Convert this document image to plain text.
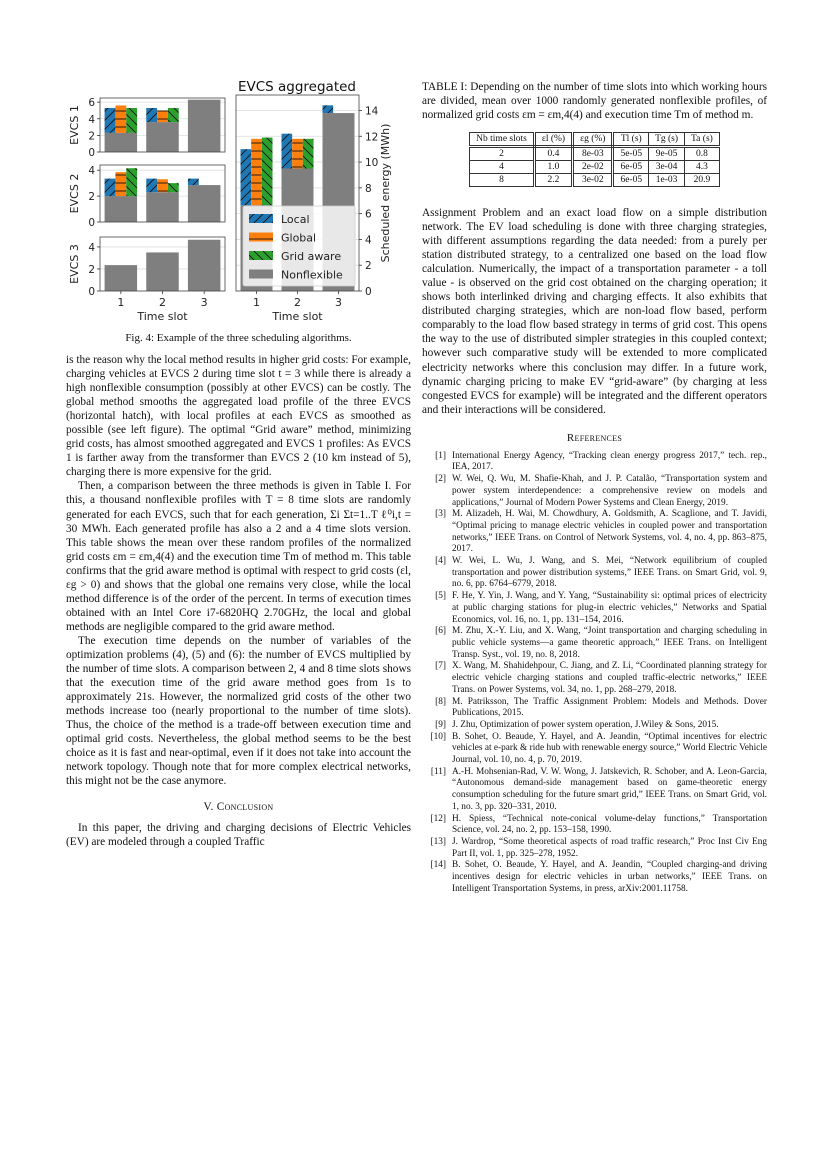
0
2
4
6
EVCS 1
0
2
4
EVCS 2
0
2
4
EVCS 3
1	2	3
Time slot
0
2
4
6
8
10
12
14
Scheduled energy (MWh)
1	2	3
Time slot
EVCS aggregated
Local
Global
Grid aware
Nonflexible
Fig. 4: Example of the three scheduling algorithms.

is the reason why the local method results in higher grid costs: For example, charging vehicles at EVCS 2 during time slot t = 3 while there is already a high nonflexible consumption (possibly at other EVCS) can be costly. The global method smooths the aggregated load profile of the three EVCS (horizontal hatch), with local profiles at each EVCS as smoothed as possible (see left figure). The optimal “Grid aware” method, minimizing grid costs, has almost smoothed aggregated and EVCS 1 profiles: As EVCS 1 is farther away from the transformer than EVCS 2 (10 km instead of 5), charging there is more expensive for the grid.

Then, a comparison between the three methods is given in Table I. For this, a thousand nonflexible profiles with T = 8 time slots are randomly generated for each EVCS, such that for each generation, Σi Σt=1..T ℓ⁰i,t = 30 MWh. Each generated profile has also a 2 and a 4 time slots version. This table shows the mean over these random profiles of the normalized grid costs εm = εm,4(4) and the execution time Tm of method m. This table confirms that the grid aware method is optimal with respect to grid costs (εl, εg > 0) and shows that the global one remains very close, while the local method difference is of the order of the percent. In terms of execution times obtained with an Intel Core i7-6820HQ 2.70GHz, the local and global methods are negligible compared to the grid aware method.

The execution time depends on the number of variables of the optimization problems (4), (5) and (6): the number of EVCS multiplied by the number of time slots. A comparison between 2, 4 and 8 time slots shows that the execution time of the grid aware method goes from 1s to approximately 21s. However, the normalized grid costs of the other two methods increase too (nearly proportional to the number of time slots). Thus, the choice of the method is a trade-off between execution time and optimal grid costs. Nevertheless, the global method seems to be the best choice as it is fast and near-optimal, even if it does not take into account the network topology. Though note that for more complex electrical networks, this might not be the case anymore.

V. Conclusion

In this paper, the driving and charging decisions of Electric Vehicles (EV) are modeled through a coupled Traffic

TABLE I: Depending on the number of time slots into which working hours are divided, mean over 1000 randomly generated nonflexible profiles, of normalized grid costs εm = εm,4(4) and execution time Tm of method m.

Nb time slots	εl (%)	εg (%)	Tl (s)	Tg (s)	Ta (s)
2	0.4	8e-03	5e-05	9e-05	0.8
4	1.0	2e-02	6e-05	3e-04	4.3
8	2.2	3e-02	6e-05	1e-03	20.9

Assignment Problem and an exact load flow on a simple distribution network. The EV load scheduling is done with three charging strategies, with different assumptions regarding the data needed: from a purely per station distributed strategy, to a centralized one based on the load flow calculation. Numerically, the impact of a transportation parameter - a toll value - is observed on the grid cost obtained on the charging operation; it shows both interlinked driving and charging effects. It also exhibits that distributed charging strategies, which are non-load flow based, perform comparably to the load flow based strategy in terms of grid cost. This opens the way to the use of distributed simpler strategies in this coupled context; however such comparative study will be extended to more complicated electricity networks where this conclusion may differ. In a future work, dynamic charging pricing to make EV “grid-aware” (by charging at less congested EVCS for example) will be integrated and the different operators and their interactions will be considered.

References
[1] International Energy Agency, “Tracking clean energy progress 2017,” tech. rep., IEA, 2017.
[2] W. Wei, Q. Wu, M. Shafie-Khah, and J. P. Catalão, “Transportation system and power system interdependence: a comprehensive review on models and applications,” Journal of Modern Power Systems and Clean Energy, 2019.
[3] M. Alizadeh, H. Wai, M. Chowdhury, A. Goldsmith, A. Scaglione, and T. Javidi, “Optimal pricing to manage electric vehicles in coupled power and transportation networks,” IEEE Trans. on Control of Network Systems, vol. 4, no. 4, pp. 863–875, 2017.
[4] W. Wei, L. Wu, J. Wang, and S. Mei, “Network equilibrium of coupled transportation and power distribution systems,” IEEE Trans. on Smart Grid, vol. 9, no. 6, pp. 6764–6779, 2018.
[5] F. He, Y. Yin, J. Wang, and Y. Yang, “Sustainability si: optimal prices of electricity at public charging stations for plug-in electric vehicles,” Networks and Spatial Economics, vol. 16, no. 1, pp. 131–154, 2016.
[6] M. Zhu, X.-Y. Liu, and X. Wang, “Joint transportation and charging scheduling in public vehicle systems—a game theoretic approach,” IEEE Trans. on Intelligent Transp. Syst., vol. 19, no. 8, 2018.
[7] X. Wang, M. Shahidehpour, C. Jiang, and Z. Li, “Coordinated planning strategy for electric vehicle charging stations and coupled traffic-electric networks,” IEEE Trans. on Power Systems, vol. 34, no. 1, pp. 268–279, 2018.
[8] M. Patriksson, The Traffic Assignment Problem: Models and Methods. Dover Publications, 2015.
[9] J. Zhu, Optimization of power system operation, J.Wiley & Sons, 2015.
[10] B. Sohet, O. Beaude, Y. Hayel, and A. Jeandin, “Optimal incentives for electric vehicles at e-park & ride hub with renewable energy source,” World Electric Vehicle Journal, vol. 10, no. 4, p. 70, 2019.
[11] A.-H. Mohsenian-Rad, V. W. Wong, J. Jatskevich, R. Schober, and A. Leon-Garcia, “Autonomous demand-side management based on game-theoretic energy consumption scheduling for the future smart grid,” IEEE Trans. on Smart Grid, vol. 1, no. 3, pp. 320–331, 2010.
[12] H. Spiess, “Technical note-conical volume-delay functions,” Transportation Science, vol. 24, no. 2, pp. 153–158, 1990.
[13] J. Wardrop, “Some theoretical aspects of road traffic research,” Proc Inst Civ Eng Part II, vol. 1, pp. 325–278, 1952.
[14] B. Sohet, O. Beaude, Y. Hayel, and A. Jeandin, “Coupled charging-and driving incentives design for electric vehicles in urban networks,” IEEE Trans. on Intelligent Transportation Systems, in press, arXiv:2001.11758.
